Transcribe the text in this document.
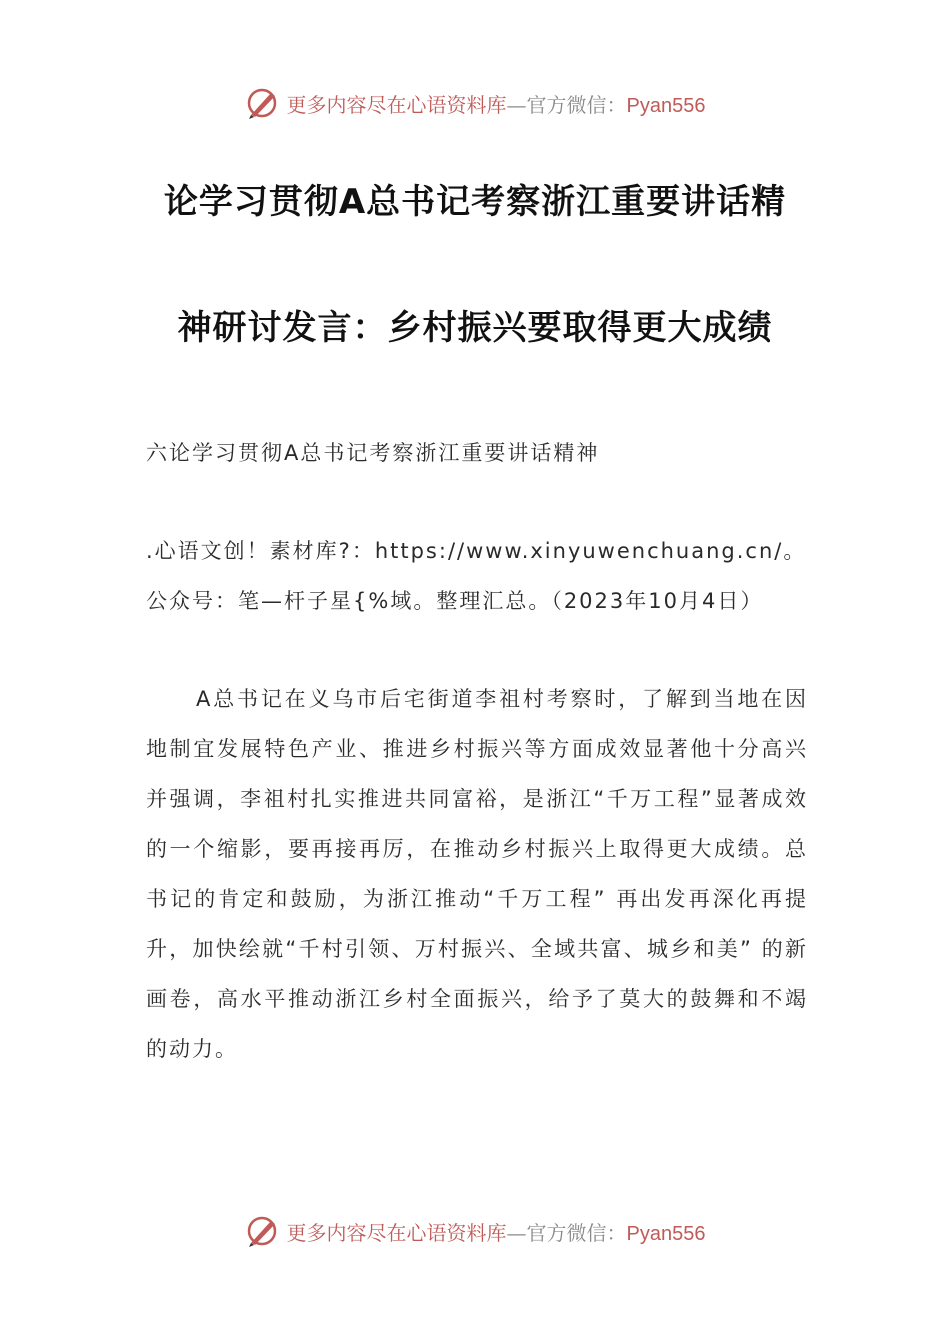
更多内容尽在心语资料库—官方微信：Pyan556
论学习贯彻A总书记考察浙江重要讲话精
神研讨发言：乡村振兴要取得更大成绩
六论学习贯彻A总书记考察浙江重要讲话精神
.心语文创！素材库?：https://www.xinyuwenchuang.cn/。公众号：笔—杆子星{%域。整理汇总。（2023年10月4日）
A总书记在义乌市后宅街道李祖村考察时，了解到当地在因地制宜发展特色产业、推进乡村振兴等方面成效显著他十分高兴并强调，李祖村扎实推进共同富裕，是浙江“千万工程”显著成效的一个缩影，要再接再厉，在推动乡村振兴上取得更大成绩。总书记的肯定和鼓励，为浙江推动“千万工程” 再出发再深化再提升，加快绘就“千村引领、万村振兴、全域共富、城乡和美” 的新画卷，高水平推动浙江乡村全面振兴，给予了莫大的鼓舞和不竭的动力。
更多内容尽在心语资料库—官方微信：Pyan556
